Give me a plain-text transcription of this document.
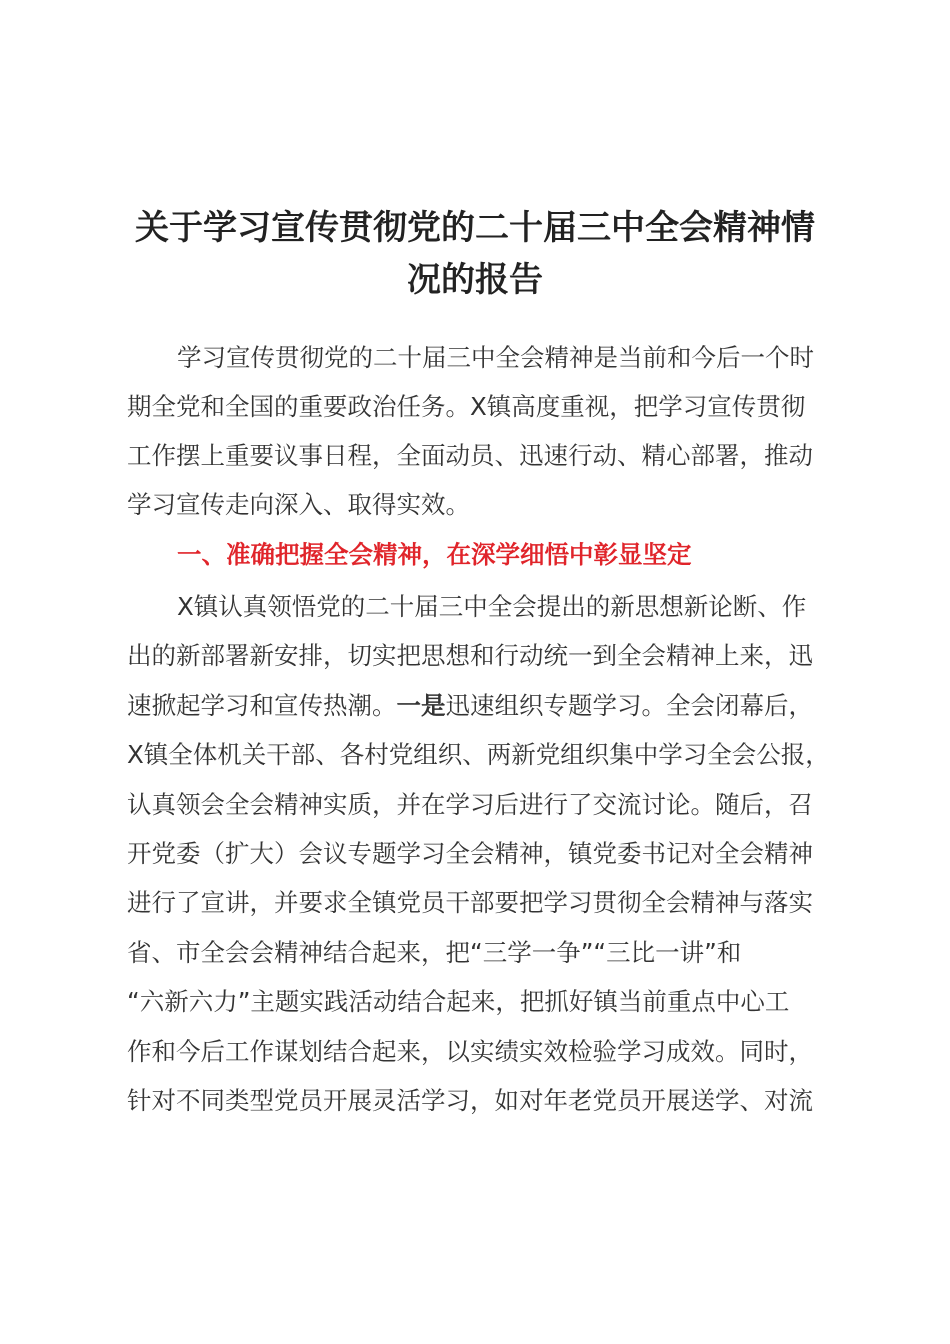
关于学习宣传贯彻党的二十届三中全会精神情
况的报告

学习宣传贯彻党的二十届三中全会精神是当前和今后一个时

期全党和全国的重要政治任务。X镇高度重视，把学习宣传贯彻

工作摆上重要议事日程，全面动员、迅速行动、精心部署，推动

学习宣传走向深入、取得实效。

一、准确把握全会精神，在深学细悟中彰显坚定

X镇认真领悟党的二十届三中全会提出的新思想新论断、作

出的新部署新安排，切实把思想和行动统一到全会精神上来，迅

速掀起学习和宣传热潮。一是迅速组织专题学习。全会闭幕后，

X镇全体机关干部、各村党组织、两新党组织集中学习全会公报，

认真领会全会精神实质，并在学习后进行了交流讨论。随后，召

开党委（扩大）会议专题学习全会精神，镇党委书记对全会精神

进行了宣讲，并要求全镇党员干部要把学习贯彻全会精神与落实

省、市全会会精神结合起来，把“三学一争”“三比一讲”和

“六新六力”主题实践活动结合起来，把抓好镇当前重点中心工

作和今后工作谋划结合起来，以实绩实效检验学习成效。同时，

针对不同类型党员开展灵活学习，如对年老党员开展送学、对流
